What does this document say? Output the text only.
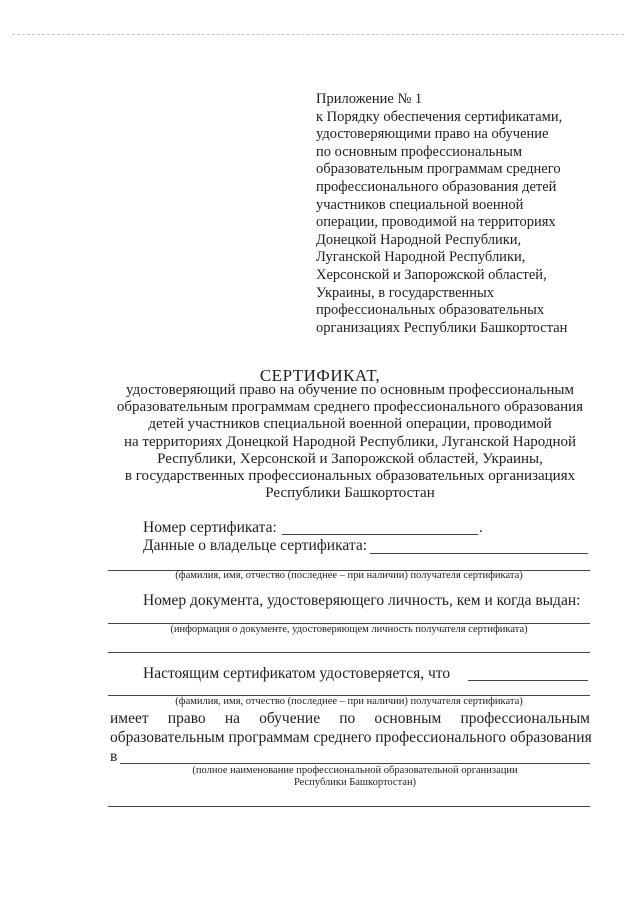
Приложение № 1
к Порядку обеспечения сертификатами,
удостоверяющими право на обучение
по основным профессиональным
образовательным программам среднего
профессионального образования детей
участников специальной военной
операции, проводимой на территориях
Донецкой Народной Республики,
Луганской Народной Республики,
Херсонской и Запорожской областей,
Украины, в государственных
профессиональных образовательных
организациях Республики Башкортостан
СЕРТИФИКАТ,
удостоверяющий право на обучение по основным профессиональным
образовательным программам среднего профессионального образования
детей участников специальной военной операции, проводимой
на территориях Донецкой Народной Республики, Луганской Народной
Республики, Херсонской и Запорожской областей, Украины,
в государственных профессиональных образовательных организациях
Республики Башкортостан
Номер сертификата:	.
Данные о владельце сертификата:
(фамилия, имя, отчество (последнее – при наличии) получателя сертификата)
Номер документа, удостоверяющего личность, кем и когда выдан:
(информация о документе, удостоверяющем личность получателя сертификата)
Настоящим сертификатом удостоверяется, что
(фамилия, имя, отчество (последнее – при наличии) получателя сертификата)
имеет право на обучение по основным профессиональным
образовательным программам среднего профессионального образования
в
(полное наименование профессиональной образовательной организации
Республики Башкортостан)
